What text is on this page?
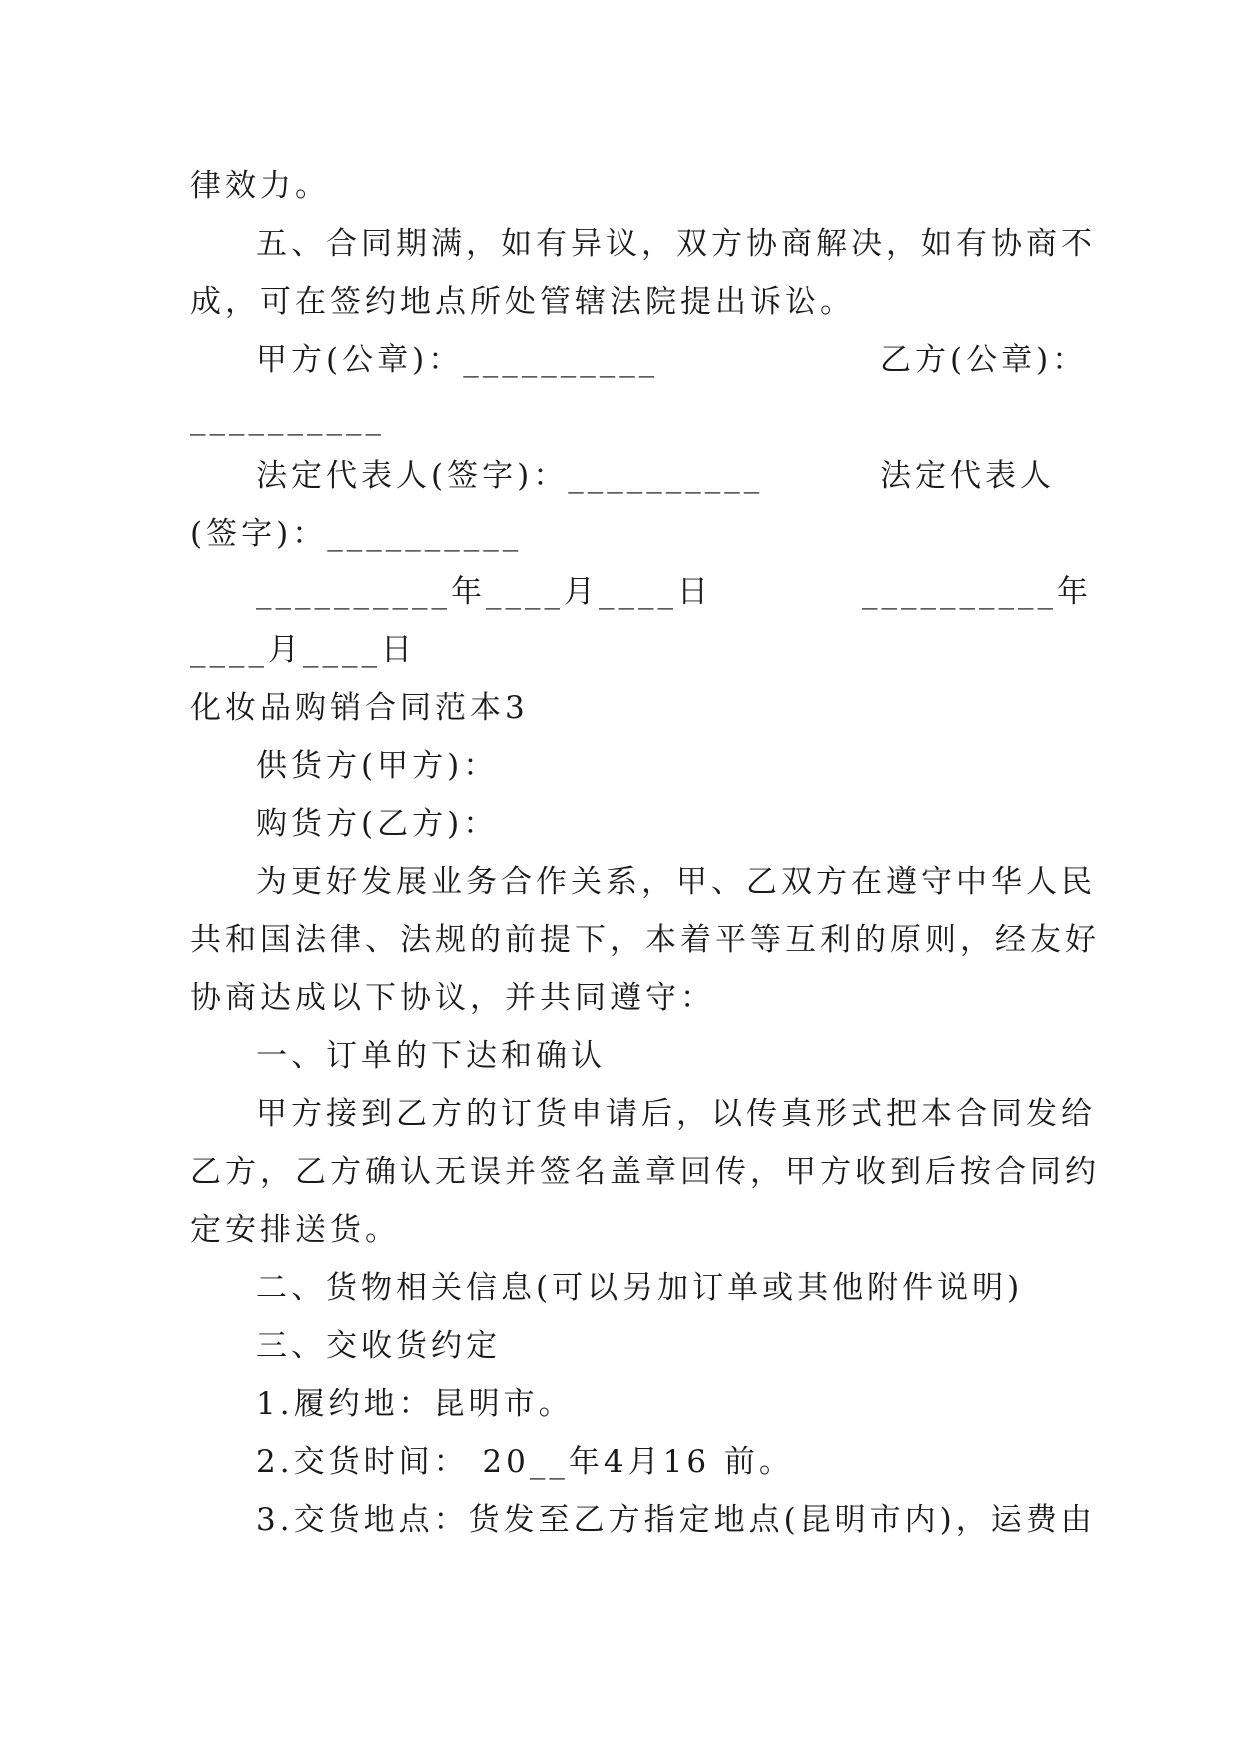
律效力。
五、合同期满，如有异议，双方协商解决，如有协商不
成，可在签约地点所处管辖法院提出诉讼。
甲方(公章)：__________	乙方(公章)：
__________
法定代表人(签字)：__________	法定代表人
(签字)：__________
__________年____月____日	__________年
____月____日
化妆品购销合同范本3
供货方(甲方)：
购货方(乙方)：
为更好发展业务合作关系，甲、乙双方在遵守中华人民
共和国法律、法规的前提下，本着平等互利的原则，经友好
协商达成以下协议，并共同遵守：
一、订单的下达和确认
甲方接到乙方的订货申请后，以传真形式把本合同发给
乙方，乙方确认无误并签名盖章回传，甲方收到后按合同约
定安排送货。
二、货物相关信息(可以另加订单或其他附件说明)
三、交收货约定
1.履约地：昆明市。
2.交货时间： 20__年4月16 前。
3.交货地点：货发至乙方指定地点(昆明市内)，运费由
